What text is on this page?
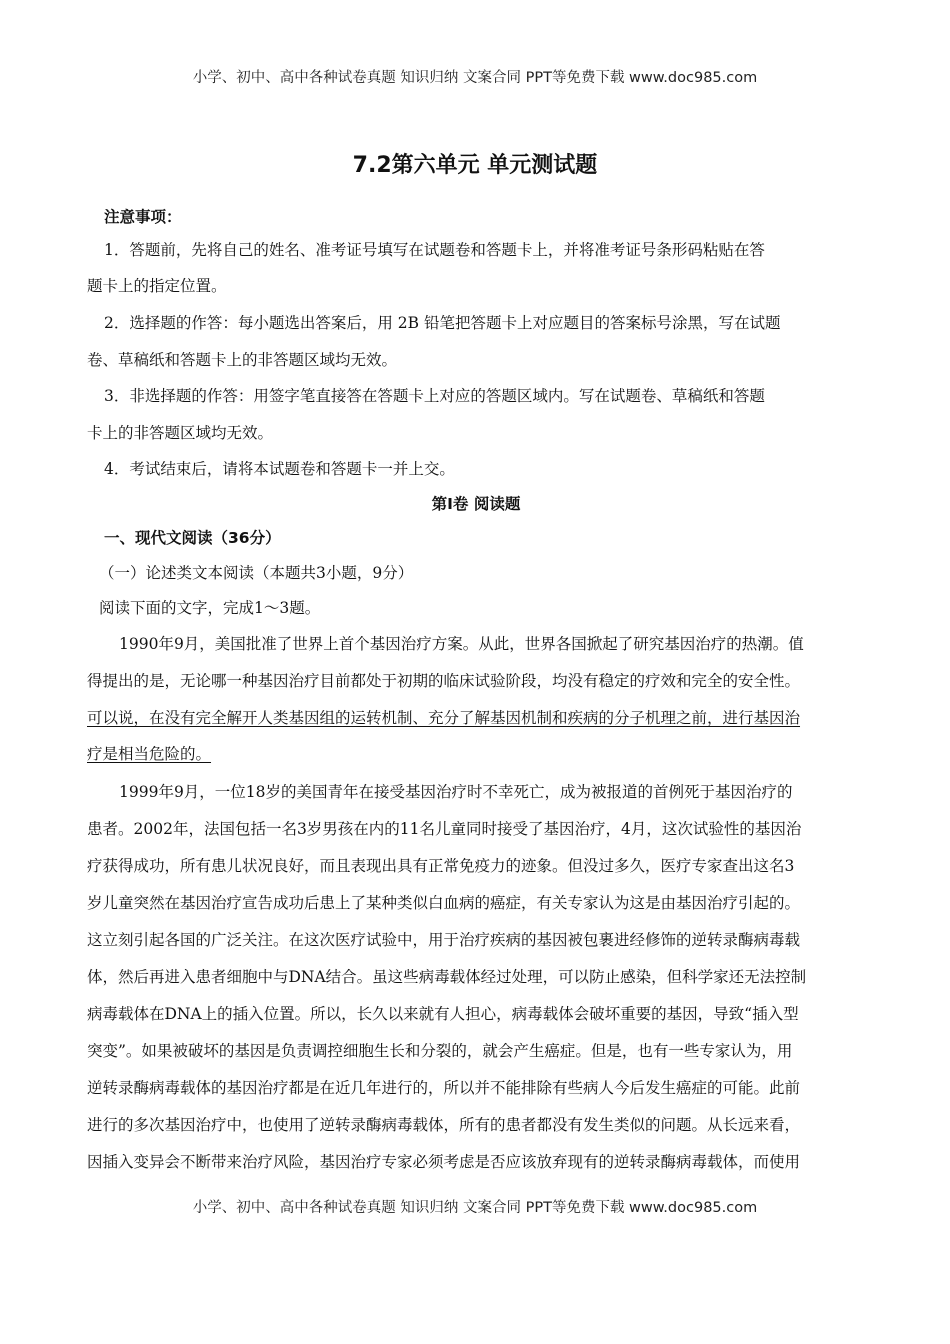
小学、初中、高中各种试卷真题 知识归纳 文案合同 PPT等免费下载 www.doc985.com
7.2第六单元 单元测试题
注意事项：
1．答题前，先将自己的姓名、准考证号填写在试题卷和答题卡上，并将准考证号条形码粘贴在答
题卡上的指定位置。
2．选择题的作答：每小题选出答案后，用 2B 铅笔把答题卡上对应题目的答案标号涂黑，写在试题
卷、草稿纸和答题卡上的非答题区域均无效。
3．非选择题的作答：用签字笔直接答在答题卡上对应的答题区域内。写在试题卷、草稿纸和答题
卡上的非答题区域均无效。
4．考试结束后，请将本试题卷和答题卡一并上交。
第Ⅰ卷 阅读题
一、现代文阅读（36分）
（一）论述类文本阅读（本题共3小题，9分）
阅读下面的文字，完成1～3题。
1990年9月，美国批准了世界上首个基因治疗方案。从此，世界各国掀起了研究基因治疗的热潮。值
得提出的是，无论哪一种基因治疗目前都处于初期的临床试验阶段，均没有稳定的疗效和完全的安全性。
可以说，在没有完全解开人类基因组的运转机制、充分了解基因机制和疾病的分子机理之前，进行基因治
疗是相当危险的。
1999年9月，一位18岁的美国青年在接受基因治疗时不幸死亡，成为被报道的首例死于基因治疗的
患者。2002年，法国包括一名3岁男孩在内的11名儿童同时接受了基因治疗，4月，这次试验性的基因治
疗获得成功，所有患儿状况良好，而且表现出具有正常免疫力的迹象。但没过多久，医疗专家查出这名3
岁儿童突然在基因治疗宣告成功后患上了某种类似白血病的癌症，有关专家认为这是由基因治疗引起的。
这立刻引起各国的广泛关注。在这次医疗试验中，用于治疗疾病的基因被包裹进经修饰的逆转录酶病毒载
体，然后再进入患者细胞中与DNA结合。虽这些病毒载体经过处理，可以防止感染，但科学家还无法控制
病毒载体在DNA上的插入位置。所以，长久以来就有人担心，病毒载体会破坏重要的基因，导致“插入型
突变”。如果被破坏的基因是负责调控细胞生长和分裂的，就会产生癌症。但是，也有一些专家认为，用
逆转录酶病毒载体的基因治疗都是在近几年进行的，所以并不能排除有些病人今后发生癌症的可能。此前
进行的多次基因治疗中，也使用了逆转录酶病毒载体，所有的患者都没有发生类似的问题。从长远来看，
因插入变异会不断带来治疗风险，基因治疗专家必须考虑是否应该放弃现有的逆转录酶病毒载体，而使用
小学、初中、高中各种试卷真题 知识归纳 文案合同 PPT等免费下载 www.doc985.com
